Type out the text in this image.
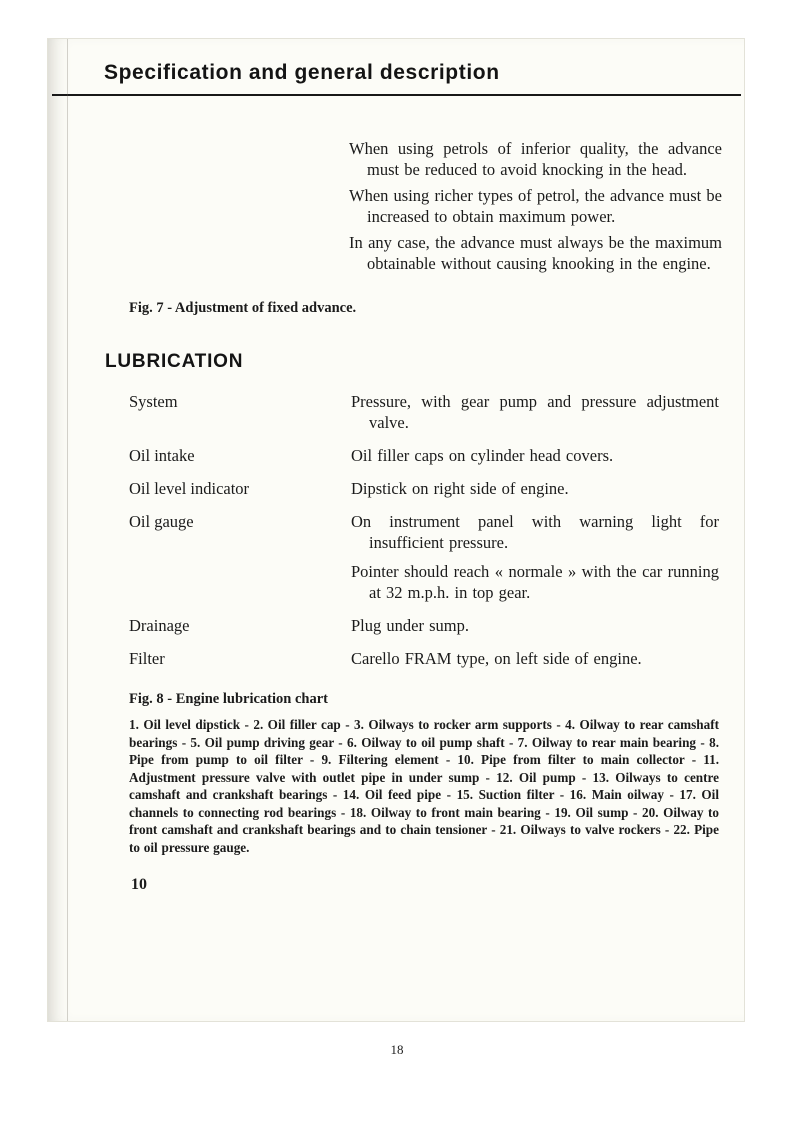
Specification and general description

When using petrols of inferior quality, the advance must be reduced to avoid knocking in the head.

When using richer types of petrol, the advance must be increased to obtain maximum power.

In any case, the advance must always be the maximum obtainable without causing knooking in the engine.

Fig. 7 - Adjustment of fixed advance.

LUBRICATION
System	Pressure, with gear pump and pressure adjustment valve.

Oil intake	Oil filler caps on cylinder head covers.

Oil level indicator	Dipstick on right side of engine.

Oil gauge	On instrument panel with warning light for insufficient pressure.

Pointer should reach « normale » with the car running at 32 m.p.h. in top gear.

Drainage	Plug under sump.

Filter	Carello FRAM type, on left side of engine.

Fig. 8 - Engine lubrication chart

1. Oil level dipstick - 2. Oil filler cap - 3. Oilways to rocker arm supports - 4. Oilway to rear camshaft bearings - 5. Oil pump driving gear - 6. Oilway to oil pump shaft - 7. Oilway to rear main bearing - 8. Pipe from pump to oil filter - 9. Filtering element - 10. Pipe from filter to main collector - 11. Adjustment pressure valve with outlet pipe in under sump - 12. Oil pump - 13. Oilways to centre camshaft and crankshaft bearings - 14. Oil feed pipe - 15. Suction filter - 16. Main oilway - 17. Oil channels to connecting rod bearings - 18. Oilway to front main bearing - 19. Oil sump - 20. Oilway to front camshaft and crankshaft bearings and to chain tensioner - 21. Oilways to valve rockers - 22. Pipe to oil pressure gauge.

10
18
